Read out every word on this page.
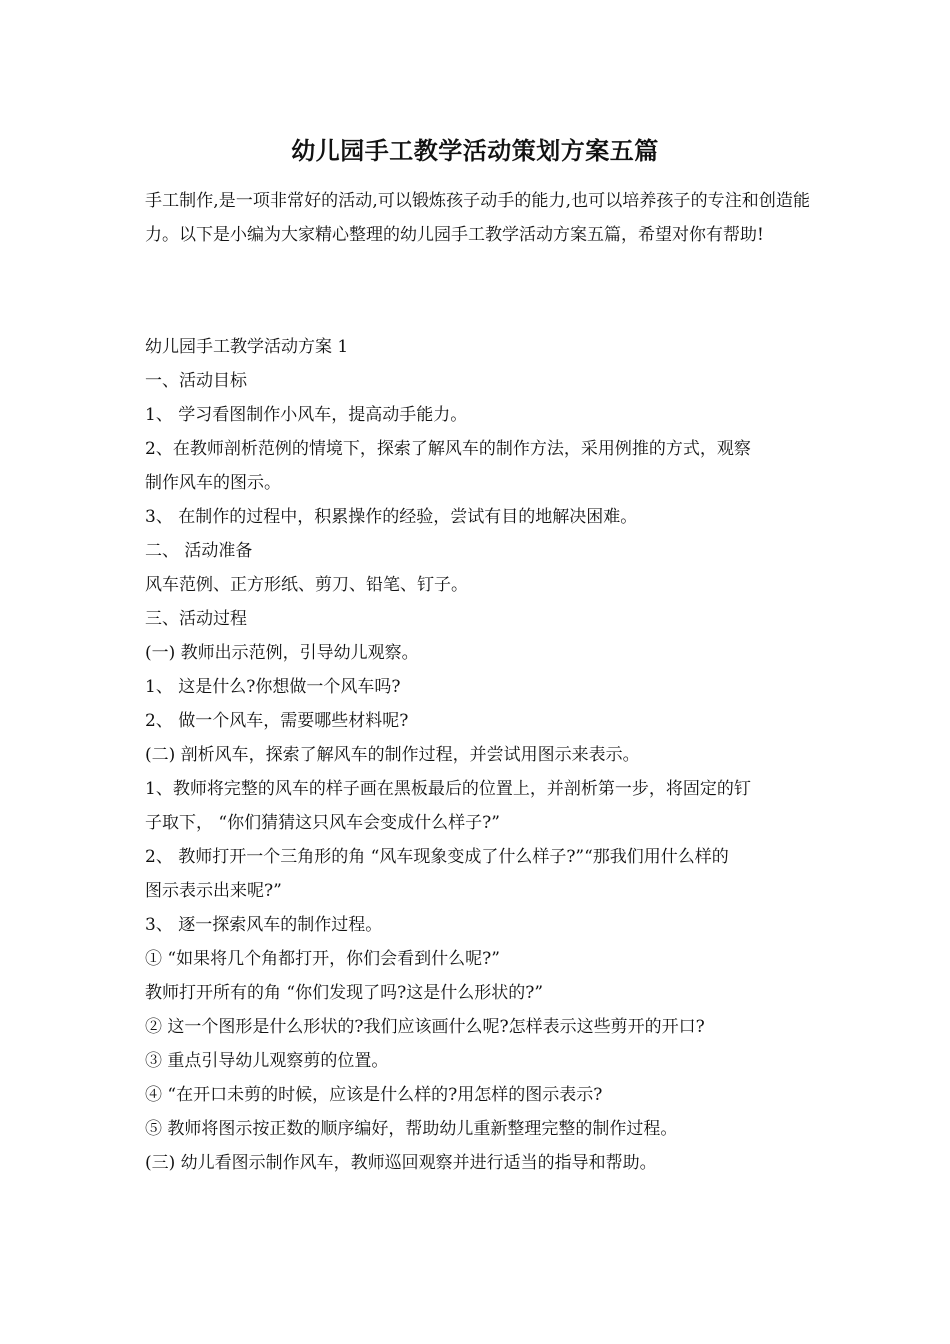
幼儿园手工教学活动策划方案五篇
手工制作,是一项非常好的活动,可以锻炼孩子动手的能力,也可以培养孩子的专注和创造能力。以下是小编为大家精心整理的幼儿园手工教学活动方案五篇，希望对你有帮助!
幼儿园手工教学活动方案 1
一、活动目标
1、 学习看图制作小风车，提高动手能力。
2、在教师剖析范例的情境下，探索了解风车的制作方法，采用例推的方式，观察
制作风车的图示。
3、 在制作的过程中，积累操作的经验，尝试有目的地解决困难。
二、 活动准备
风车范例、正方形纸、剪刀、铅笔、钉子。
三、活动过程
(一) 教师出示范例，引导幼儿观察。
1、 这是什么?你想做一个风车吗?
2、 做一个风车，需要哪些材料呢?
(二) 剖析风车，探索了解风车的制作过程，并尝试用图示来表示。
1、教师将完整的风车的样子画在黑板最后的位置上，并剖析第一步，将固定的钉
子取下， “你们猜猜这只风车会变成什么样子?”
2、 教师打开一个三角形的角 “风车现象变成了什么样子?”“那我们用什么样的
图示表示出来呢?”
3、 逐一探索风车的制作过程。
① “如果将几个角都打开，你们会看到什么呢?”
教师打开所有的角 “你们发现了吗?这是什么形状的?”
② 这一个图形是什么形状的?我们应该画什么呢?怎样表示这些剪开的开口?
③ 重点引导幼儿观察剪的位置。
④ “在开口未剪的时候，应该是什么样的?用怎样的图示表示?
⑤ 教师将图示按正数的顺序编好，帮助幼儿重新整理完整的制作过程。
(三) 幼儿看图示制作风车，教师巡回观察并进行适当的指导和帮助。
